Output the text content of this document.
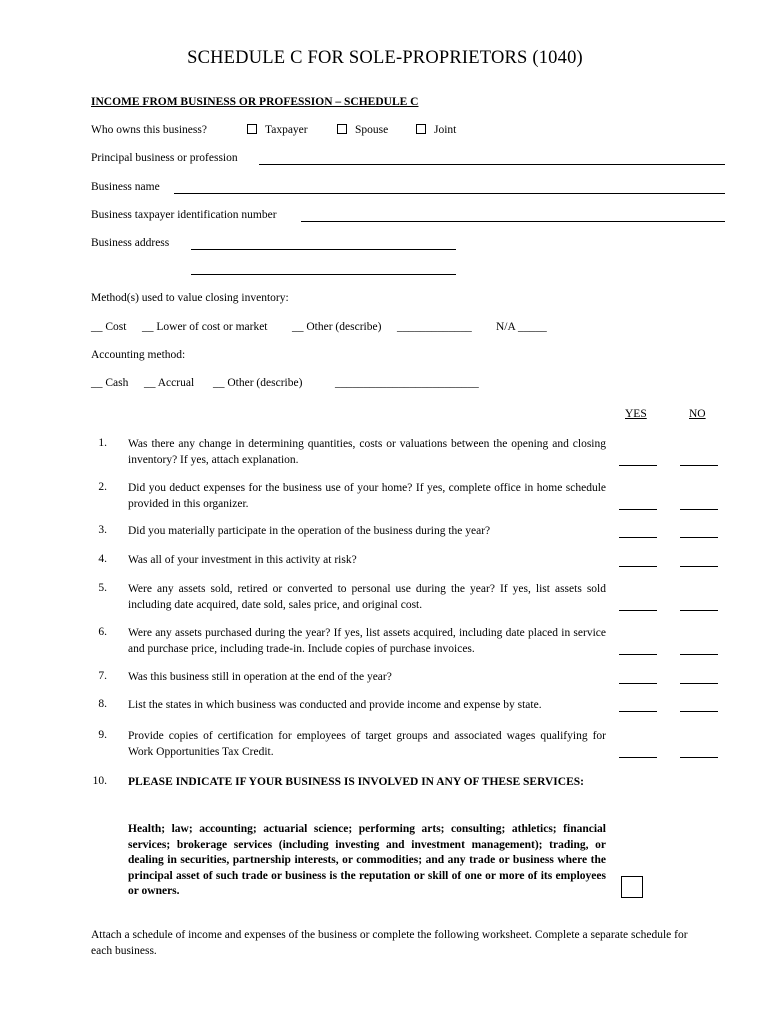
SCHEDULE C FOR SOLE-PROPRIETORS (1040)
INCOME FROM BUSINESS OR PROFESSION – SCHEDULE C
Who owns this business?	Taxpayer	Spouse	Joint
Principal business or profession
Business name
Business taxpayer identification number
Business address
Method(s) used to value closing inventory:
__ Cost __ Lower of cost or market __ Other (describe) _____________ N/A _____
Accounting method:
__ Cash __ Accrual __ Other (describe)	_________________________
YES	NO
1. Was there any change in determining quantities, costs or valuations between the opening and closing inventory? If yes, attach explanation.
2. Did you deduct expenses for the business use of your home? If yes, complete office in home schedule provided in this organizer.
3. Did you materially participate in the operation of the business during the year?
4. Was all of your investment in this activity at risk?
5. Were any assets sold, retired or converted to personal use during the year? If yes, list assets sold including date acquired, date sold, sales price, and original cost.
6. Were any assets purchased during the year? If yes, list assets acquired, including date placed in service and purchase price, including trade-in. Include copies of purchase invoices.
7. Was this business still in operation at the end of the year?
8. List the states in which business was conducted and provide income and expense by state.
9. Provide copies of certification for employees of target groups and associated wages qualifying for Work Opportunities Tax Credit.
10. PLEASE INDICATE IF YOUR BUSINESS IS INVOLVED IN ANY OF THESE SERVICES:
Health; law; accounting; actuarial science; performing arts; consulting; athletics; financial services; brokerage services (including investing and investment management); trading, or dealing in securities, partnership interests, or commodities; and any trade or business where the principal asset of such trade or business is the reputation or skill of one or more of its employees or owners.
Attach a schedule of income and expenses of the business or complete the following worksheet. Complete a separate schedule for each business.
